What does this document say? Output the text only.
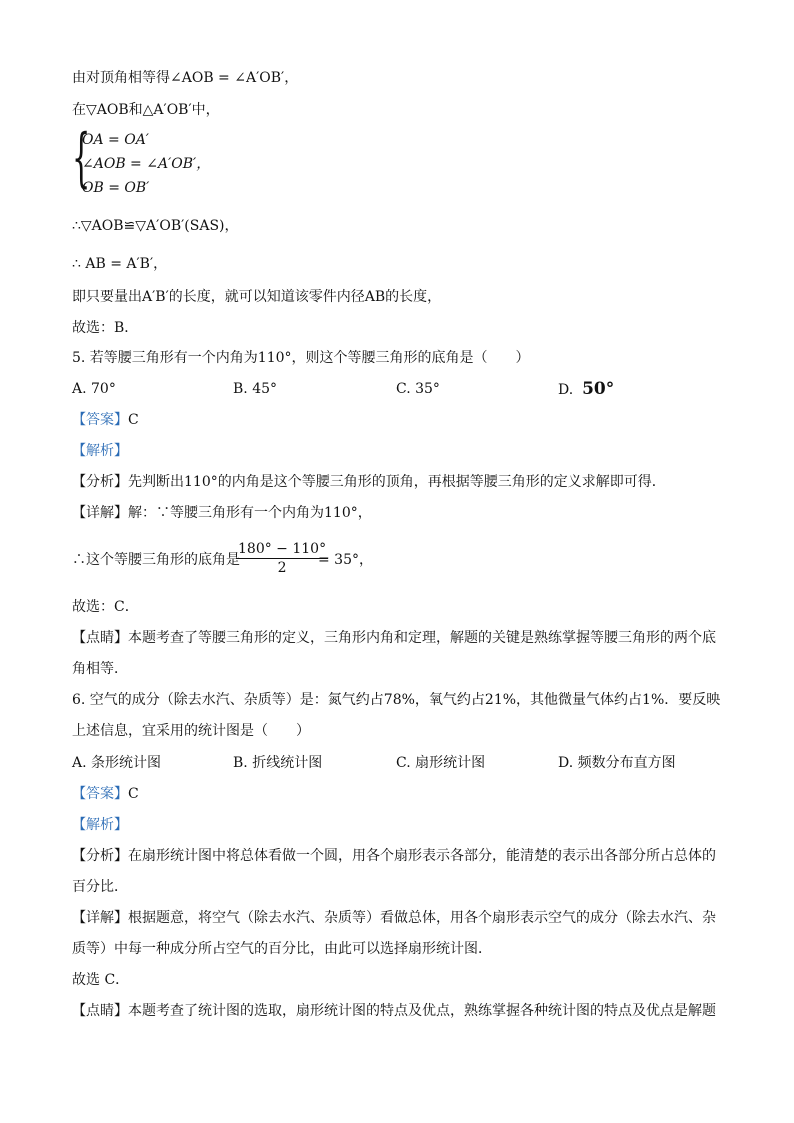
由对顶角相等得∠AOB = ∠A′OB′，
在▽AOB和△A′OB′中，
{
OA = OA′
∠AOB = ∠A′OB′，
OB = OB′
∴▽AOB≌▽A′OB′(SAS)，
∴ AB = A′B′，
即只要量出A′B′的长度，就可以知道该零件内径AB的长度，
故选：B．
5. 若等腰三角形有一个内角为110°，则这个等腰三角形的底角是（　　）
A. 70°	B. 45°	C. 35°	D. 50°
【答案】C
【解析】
【分析】先判断出110°的内角是这个等腰三角形的顶角，再根据等腰三角形的定义求解即可得．
【详解】解：∵等腰三角形有一个内角为110°，
∴这个等腰三角形的底角是
$\frac{180^\circ - 110^\circ}{2}$
= 35°，
故选：C．
【点睛】本题考查了等腰三角形的定义，三角形内角和定理，解题的关键是熟练掌握等腰三角形的两个底
角相等．
6. 空气的成分（除去水汽、杂质等）是：氮气约占78%，氧气约占21%，其他微量气体约占1%．要反映
上述信息，宜采用的统计图是（　　）
A. 条形统计图	B. 折线统计图	C. 扇形统计图	D. 频数分布直方图
【答案】C
【解析】
【分析】在扇形统计图中将总体看做一个圆，用各个扇形表示各部分，能清楚的表示出各部分所占总体的
百分比．
【详解】根据题意，将空气（除去水汽、杂质等）看做总体，用各个扇形表示空气的成分（除去水汽、杂
质等）中每一种成分所占空气的百分比，由此可以选择扇形统计图．
故选 C．
【点睛】本题考查了统计图的选取，扇形统计图的特点及优点，熟练掌握各种统计图的特点及优点是解题
